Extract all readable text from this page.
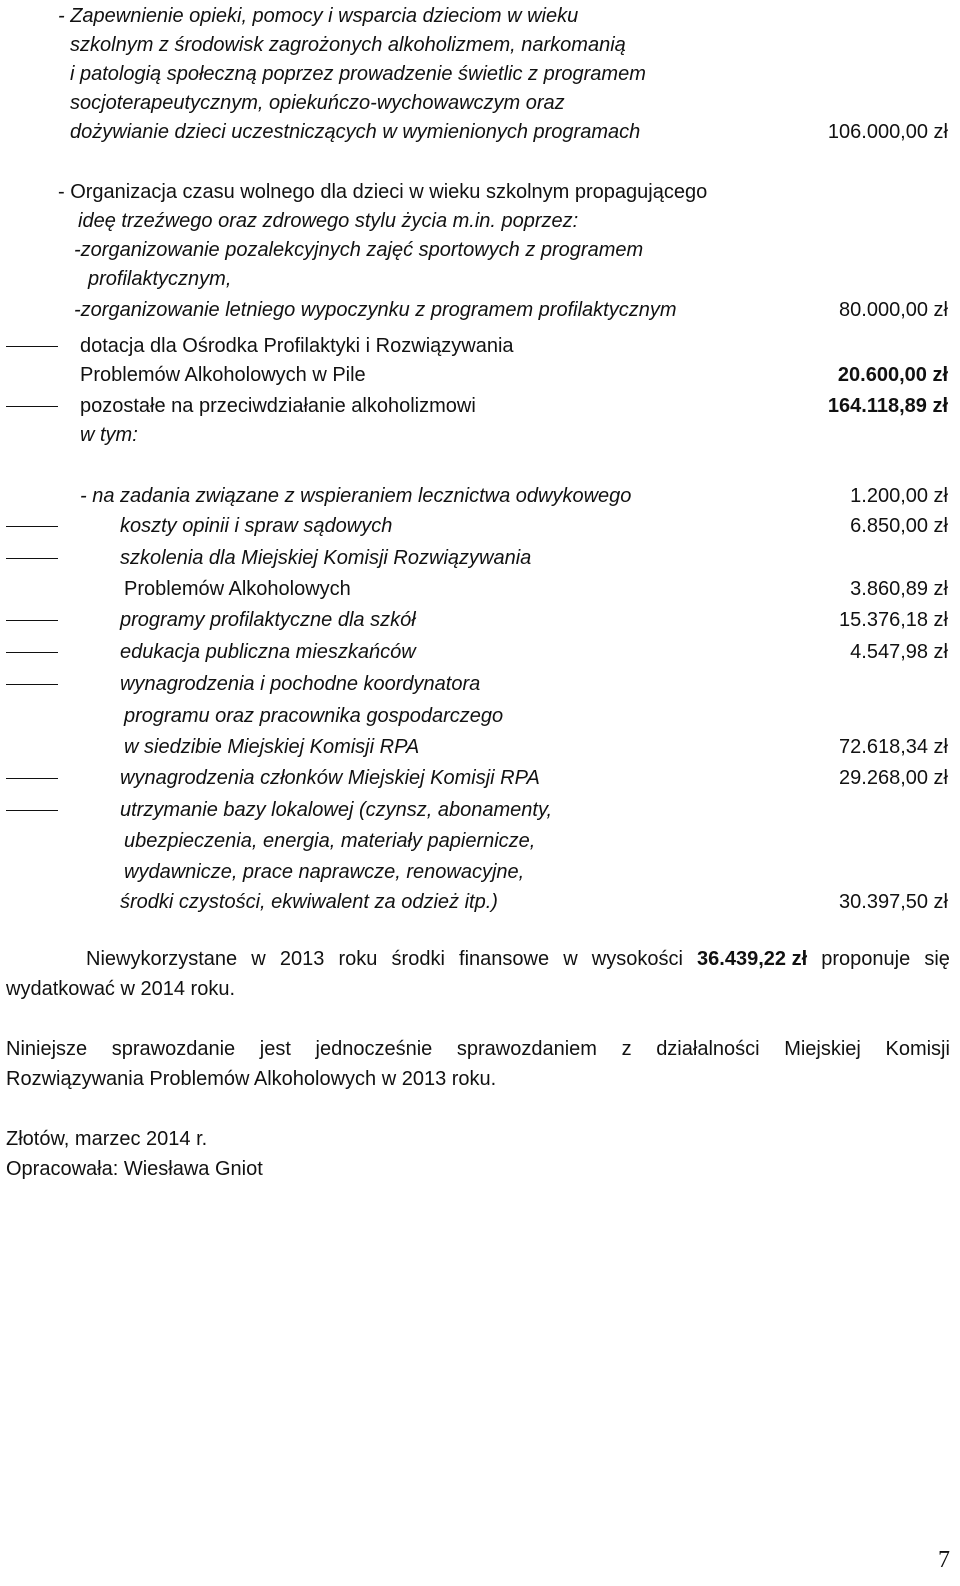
- Zapewnienie opieki, pomocy i wsparcia dzieciom w wieku
szkolnym z środowisk zagrożonych alkoholizmem, narkomanią
i patologią społeczną poprzez prowadzenie świetlic z programem
socjoterapeutycznym, opiekuńczo-wychowawczym oraz
dożywianie dzieci uczestniczących w wymienionych programach	106.000,00 zł
- Organizacja czasu wolnego dla dzieci w wieku szkolnym propagującego
ideę trzeźwego oraz zdrowego stylu życia m.in. poprzez:
-zorganizowanie pozalekcyjnych zajęć sportowych z programem
profilaktycznym,
-zorganizowanie letniego wypoczynku z programem profilaktycznym	80.000,00 zł
dotacja dla Ośrodka Profilaktyki i Rozwiązywania
Problemów Alkoholowych w Pile	20.600,00 zł
pozostałe na przeciwdziałanie alkoholizmowi	164.118,89 zł
w tym:
- na zadania związane z wspieraniem lecznictwa odwykowego	1.200,00 zł
koszty opinii i spraw sądowych	6.850,00 zł
szkolenia dla Miejskiej Komisji Rozwiązywania
Problemów Alkoholowych	3.860,89 zł
programy profilaktyczne dla szkół	15.376,18 zł
edukacja publiczna mieszkańców	4.547,98 zł
wynagrodzenia i pochodne koordynatora
programu oraz pracownika gospodarczego
w siedzibie Miejskiej Komisji RPA	72.618,34 zł
wynagrodzenia członków Miejskiej Komisji RPA	29.268,00 zł
utrzymanie bazy lokalowej (czynsz, abonamenty,
ubezpieczenia, energia, materiały papiernicze,
wydawnicze, prace naprawcze, renowacyjne,
środki czystości, ekwiwalent za odzież itp.)	30.397,50 zł
Niewykorzystane w 2013 roku środki finansowe w wysokości 36.439,22 zł proponuje się
wydatkować w 2014 roku.
Niniejsze sprawozdanie jest jednocześnie sprawozdaniem z działalności Miejskiej Komisji
Rozwiązywania Problemów Alkoholowych w 2013 roku.
Złotów, marzec 2014 r.
Opracowała: Wiesława Gniot
7
